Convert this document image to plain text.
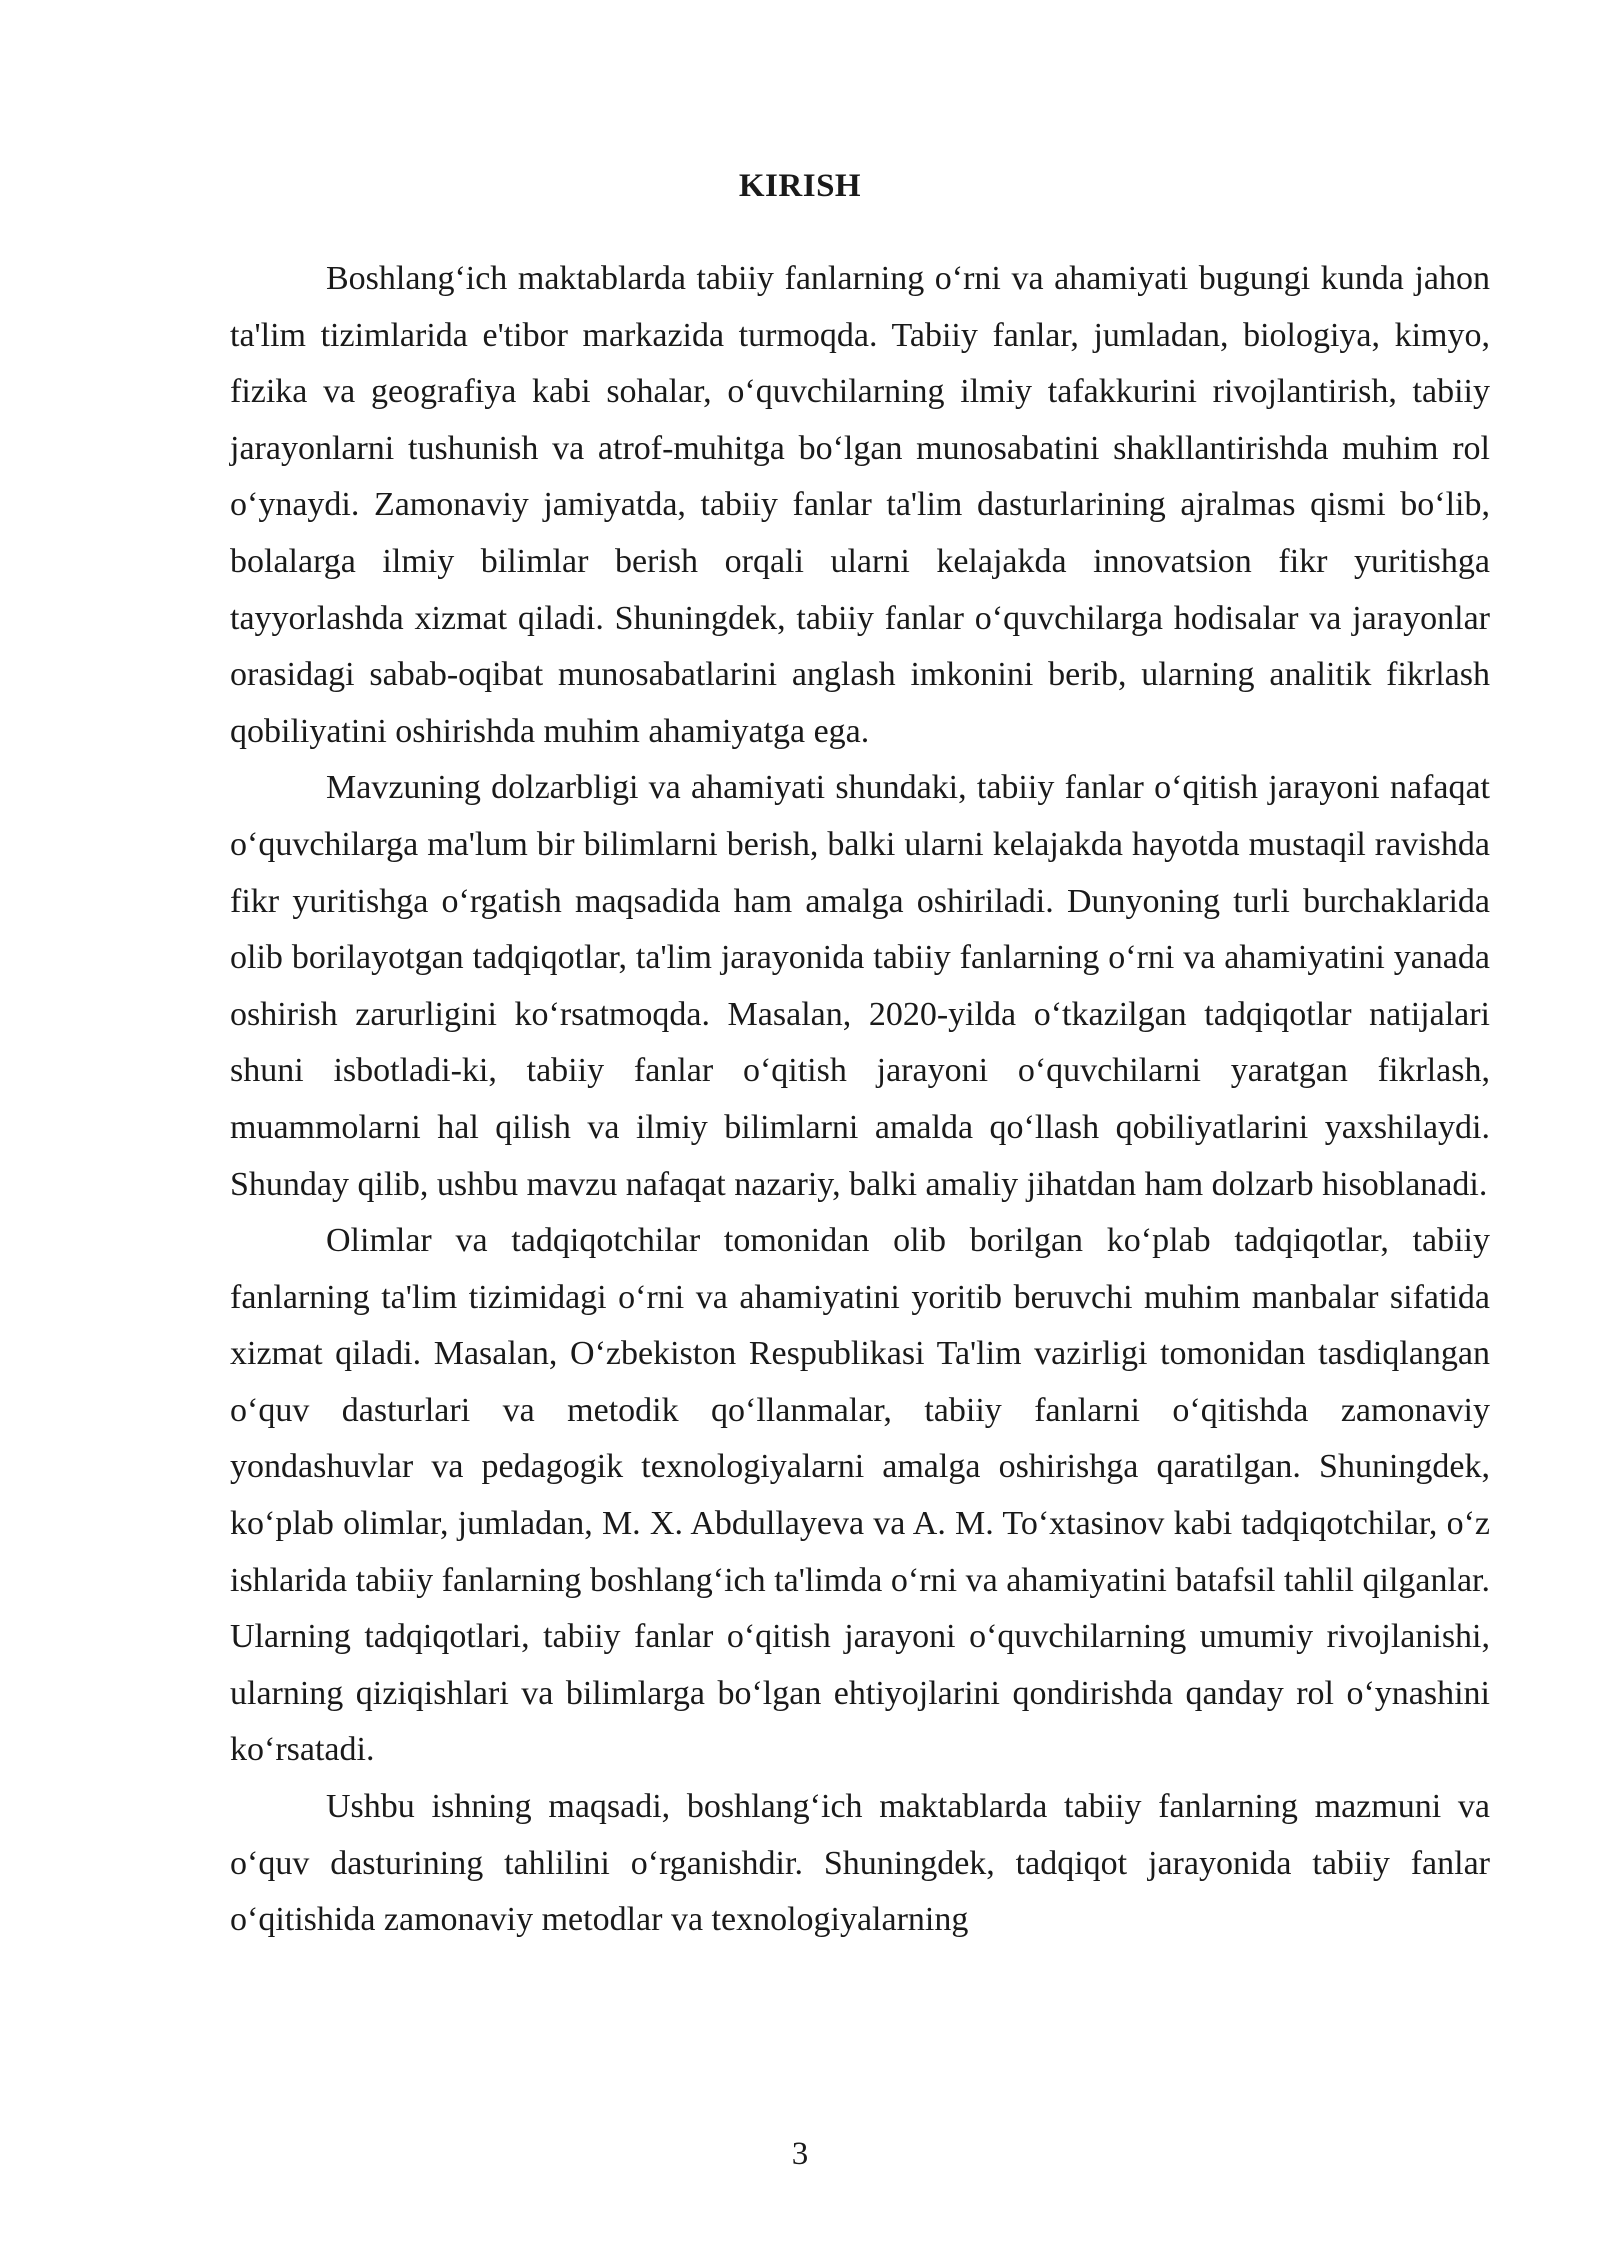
KIRISH

Boshlang‘ich maktablarda tabiiy fanlarning o‘rni va ahamiyati bugungi kunda jahon ta'lim tizimlarida e'tibor markazida turmoqda. Tabiiy fanlar, jumladan, biologiya, kimyo, fizika va geografiya kabi sohalar, o‘quvchilarning ilmiy tafakkurini rivojlantirish, tabiiy jarayonlarni tushunish va atrof-muhitga bo‘lgan munosabatini shakllantirishda muhim rol o‘ynaydi. Zamonaviy jamiyatda, tabiiy fanlar ta'lim dasturlarining ajralmas qismi bo‘lib, bolalarga ilmiy bilimlar berish orqali ularni kelajakda innovatsion fikr yuritishga tayyorlashda xizmat qiladi. Shuningdek, tabiiy fanlar o‘quvchilarga hodisalar va jarayonlar orasidagi sabab-oqibat munosabatlarini anglash imkonini berib, ularning analitik fikrlash qobiliyatini oshirishda muhim ahamiyatga ega.

Mavzuning dolzarbligi va ahamiyati shundaki, tabiiy fanlar o‘qitish jarayoni nafaqat o‘quvchilarga ma'lum bir bilimlarni berish, balki ularni kelajakda hayotda mustaqil ravishda fikr yuritishga o‘rgatish maqsadida ham amalga oshiriladi. Dunyoning turli burchaklarida olib borilayotgan tadqiqotlar, ta'lim jarayonida tabiiy fanlarning o‘rni va ahamiyatini yanada oshirish zarurligini ko‘rsatmoqda. Masalan, 2020-yilda o‘tkazilgan tadqiqotlar natijalari shuni isbotladi-ki, tabiiy fanlar o‘qitish jarayoni o‘quvchilarni yaratgan fikrlash, muammolarni hal qilish va ilmiy bilimlarni amalda qo‘llash qobiliyatlarini yaxshilaydi. Shunday qilib, ushbu mavzu nafaqat nazariy, balki amaliy jihatdan ham dolzarb hisoblanadi.

Olimlar va tadqiqotchilar tomonidan olib borilgan ko‘plab tadqiqotlar, tabiiy fanlarning ta'lim tizimidagi o‘rni va ahamiyatini yoritib beruvchi muhim manbalar sifatida xizmat qiladi. Masalan, O‘zbekiston Respublikasi Ta'lim vazirligi tomonidan tasdiqlangan o‘quv dasturlari va metodik qo‘llanmalar, tabiiy fanlarni o‘qitishda zamonaviy yondashuvlar va pedagogik texnologiyalarni amalga oshirishga qaratilgan. Shuningdek, ko‘plab olimlar, jumladan, M. X. Abdullayeva va A. M. To‘xtasinov kabi tadqiqotchilar, o‘z ishlarida tabiiy fanlarning boshlang‘ich ta'limda o‘rni va ahamiyatini batafsil tahlil qilganlar. Ularning tadqiqotlari, tabiiy fanlar o‘qitish jarayoni o‘quvchilarning umumiy rivojlanishi, ularning qiziqishlari va bilimlarga bo‘lgan ehtiyojlarini qondirishda qanday rol o‘ynashini ko‘rsatadi.

Ushbu ishning maqsadi, boshlang‘ich maktablarda tabiiy fanlarning mazmuni va o‘quv dasturining tahlilini o‘rganishdir. Shuningdek, tadqiqot jarayonida tabiiy fanlar o‘qitishida zamonaviy metodlar va texnologiyalarning

3
